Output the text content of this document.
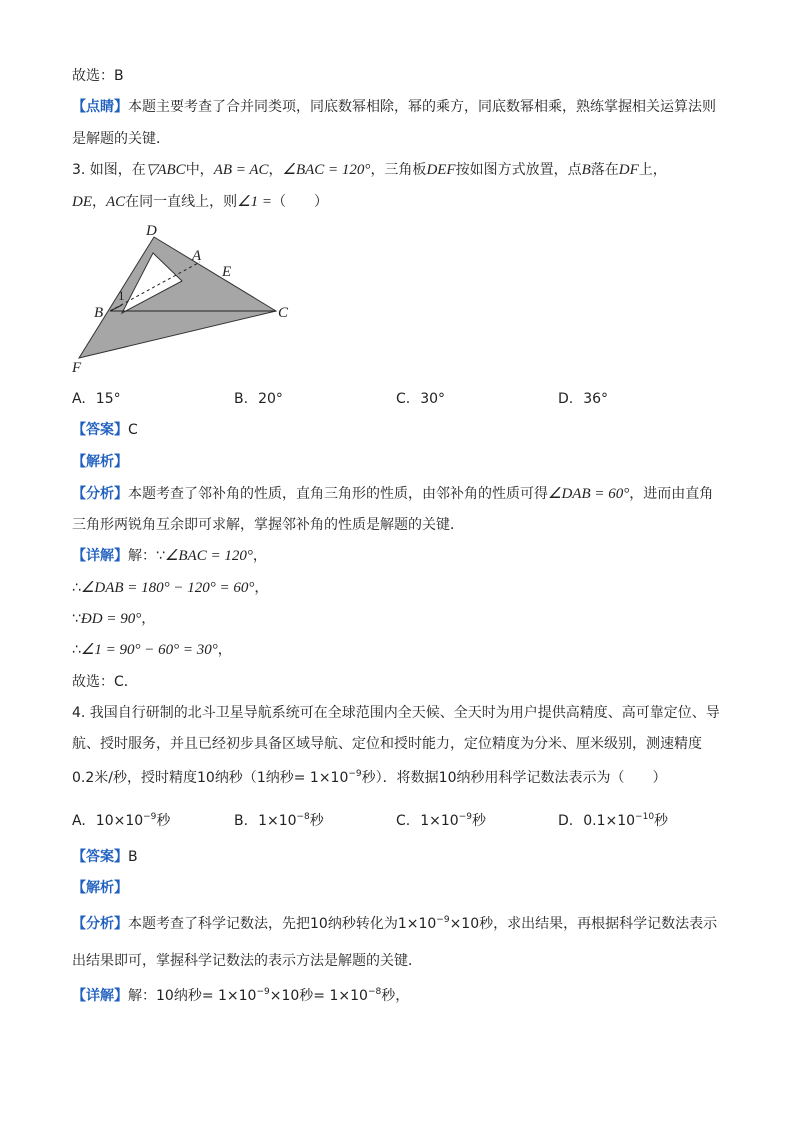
故选：B
【点睛】本题主要考查了合并同类项，同底数幂相除，幂的乘方，同底数幂相乘，熟练掌握相关运算法则
是解题的关键．
3. 如图，在▽ABC中，AB = AC，∠BAC = 120°，三角板DEF按如图方式放置，点B落在DF上，
DE，AC在同一直线上，则∠1 =（　　）
D
A
E
B	C
F
1
A. 15°	B. 20°	C. 30°	D. 36°
【答案】C
【解析】
【分析】本题考查了邻补角的性质，直角三角形的性质，由邻补角的性质可得∠DAB = 60°，进而由直角
三角形两锐角互余即可求解，掌握邻补角的性质是解题的关键．
【详解】解：∵∠BAC = 120°，
∴∠DAB = 180° − 120° = 60°，
∵ÐD = 90°，
∴∠1 = 90° − 60° = 30°，
故选：C．
4. 我国自行研制的北斗卫星导航系统可在全球范围内全天候、全天时为用户提供高精度、高可靠定位、导
航、授时服务，并且已经初步具备区域导航、定位和授时能力，定位精度为分米、厘米级别，测速精度
0.2米/秒，授时精度10纳秒（1纳秒= $1\times 10^{-9}$秒）．将数据10纳秒用科学记数法表示为（　　）
A. $10\times 10^{-9}$秒	B. $1\times 10^{-8}$秒	C. $1\times 10^{-9}$秒	D. $0.1\times 10^{-10}$秒
【答案】B
【解析】
【分析】本题考查了科学记数法，先把10纳秒转化为$1\times 10^{-9}\times 10$秒，求出结果，再根据科学记数法表示
出结果即可，掌握科学记数法的表示方法是解题的关键．
【详解】解：10纳秒= $1\times 10^{-9}\times 10$秒= $1\times 10^{-8}$秒，
